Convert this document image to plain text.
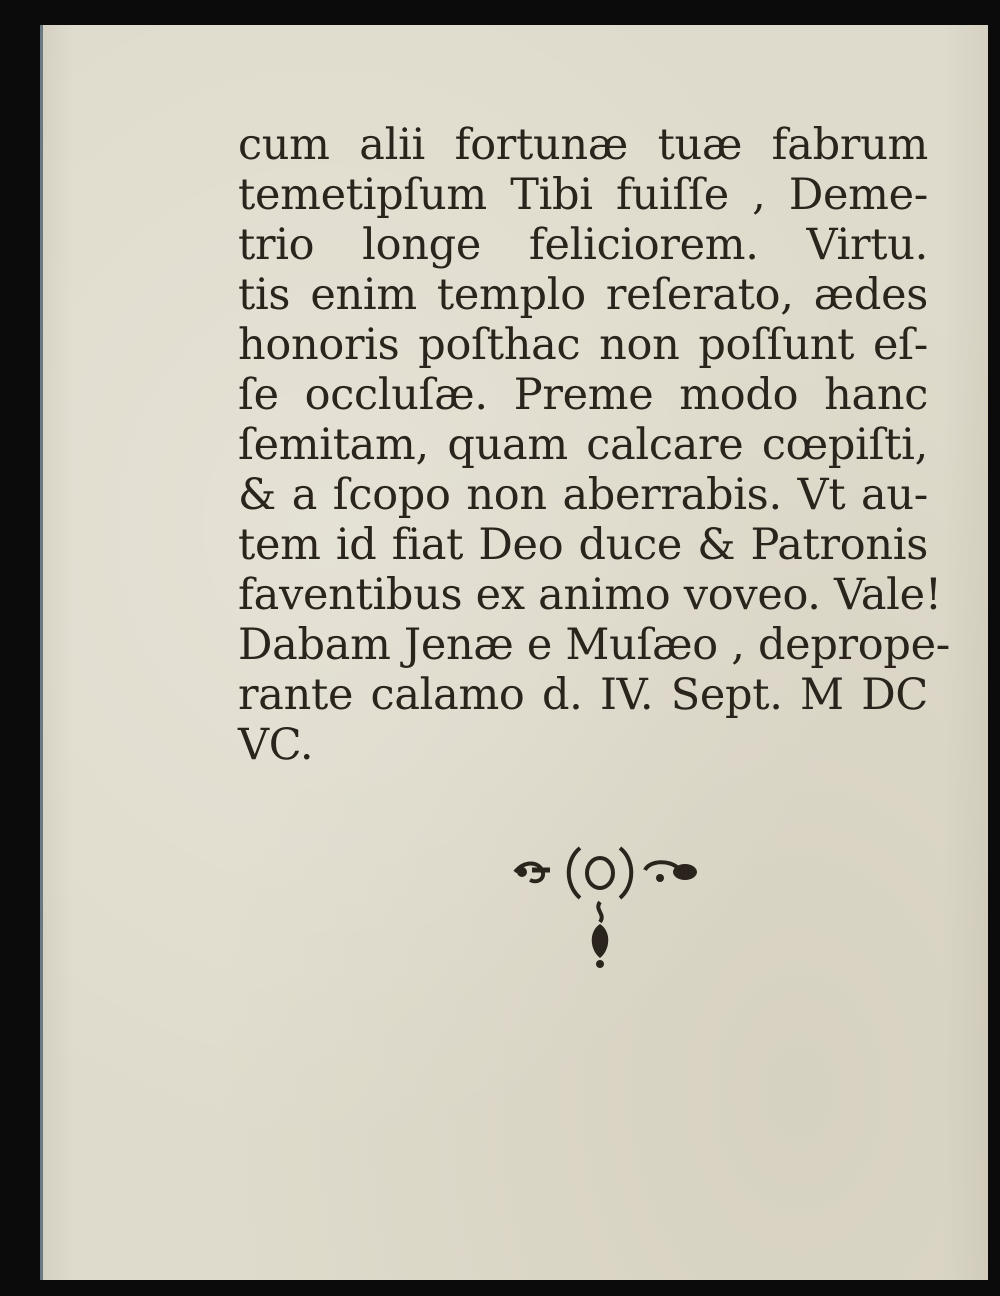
cum alii fortunæ tuæ fabrum
temetipſum Tibi fuiſſe , Deme-
trio longe feliciorem. Virtu.
tis enim templo reſerato, ædes
honoris poſthac non poſſunt eſ-
ſe occluſæ. Preme modo hanc
ſemitam, quam calcare cœpiſti,
& a ſcopo non aberrabis. Vt au-
tem id fiat Deo duce & Patronis
faventibus ex animo voveo. Vale!
Dabam Jenæ e Muſæo , depropе-
rante calamo d. IV. Sept. M DC
VC.
